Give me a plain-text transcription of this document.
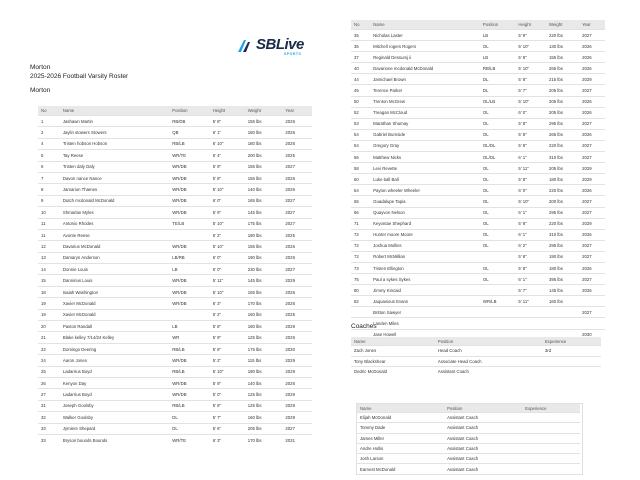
SBLive
SPORTS
Morton
2025-2026 Football Varsity Roster
Morton
No	Name	Position	Height	Weight	Year
1	Jashawn Martin	RB/DB	5' 8"	155 lbs	2026
2	Jaylin stowers Stowers	QB	6' 1"	180 lbs	2026
4	Tristen hobson Hobson	RB/LB	6' 10"	180 lbs	2026
5	Tay Reese	WR/TE	6' 4"	200 lbs	2025
6	Tristen daly Daly	WR/DB	5' 9"	155 lbs	2027
7	Davon nance Nance	WR/DB	5' 8"	155 lbs	2026
8	Jamarion Thames	WR/DB	5' 10"	140 lbs	2026
9	Dutch mcdonald McDonald	WR/DB	6' 0"	165 lbs	2027
10	Shmarlan Myles	WR/DB	5' 9"	145 lbs	2027
11	Antonio Rhodes	TE/LB	5' 10"	175 lbs	2027
11	Avonte Reese		6' 2"	180 lbs	2025
12	Davarius McDonald	WR/DB	5' 10"	155 lbs	2026
13	Damaryn Anderson	LB/RB	6' 0"	190 lbs	2026
14	Donnie Louis	LB	6' 0"	230 lbs	2027
15	Dannirius Louis	WR/DB	5' 11"	145 lbs	2029
18	Isaiah Washington	WR/DB	5' 10"	165 lbs	2026
19	Xavier McDonald	WR/DB	6' 3"	170 lbs	2026
19	Xavier McDonald		6' 2"	160 lbs	2025
20	Paxton Randall	LB	5' 8"	180 lbs	2029
21	Blake kelley 7/14/24 Kelley	WR	5' 9"	125 lbs	2026
22	Domingo Deering	RB/LB	5' 8"	175 lbs	2030
24	Aaron Jones	WR/DB	5' 2"	115 lbs	2029
25	Ladarrius Boyd	RB/LB	5' 10"	180 lbs	2029
26	Kenyon Day	WR/DB	5' 9"	140 lbs	2026
27	Ladarrius Boyd	WR/DB	5' 0"	125 lbs	2029
31	Joseph Goolsby	RB/LB	5' 8"	125 lbs	2029
32	Walker Goolsby	DL	5' 7"	160 lbs	2029
33	Jymiere Shepard	DL	5' 6"	205 lbs	2027
33	Bryson bounds Bounds	WR/TE	6' 3"	170 lbs	2031
No	Name	Position	Height	Weight	Year
35	Nicholas Laster	LB	5' 9"	220 lbs	2027
36	Mitchell rogers Rogers	OL	5' 10"	130 lbs	2026
37	Reginald Dessumj ii	LB	5' 8"	155 lbs	2026
40	Davarione mcdonald McDonald	RB/LB	5' 10"	265 lbs	2026
44	Jamichael Brown	DL	5' 8"	215 lbs	2029
45	Terence Parker	DL	5' 7"	205 lbs	2027
50	Trenton McGrew	OL/LB	5' 10"	205 lbs	2026
52	Treagan McCloud	OL	6' 0"	205 lbs	2026
53	Marathan Shumay	OL	5' 8"	295 lbs	2027
54	Gabriel Burnside	OL	5' 8"	265 lbs	2026
54	Gregory Gray	OL/DL	5' 8"	220 lbs	2027
56	Matthew Nicks	OL/DL	6' 1"	310 lbs	2027
58	Levi Revette	OL	5' 11"	205 lbs	2029
60	Luke ball Ball	OL	5' 8"	180 lbs	2029
64	Payton wheeler Wheeler	OL	6' 0"	220 lbs	2026
65	Guadalupe Tapia	OL	5' 10"	200 lbs	2027
66	Quayvon Nelson	OL	6' 1"	295 lbs	2027
71	Keyontae Shephard	OL	5' 8"	220 lbs	2029
72	Hunter moore Moore	OL	6' 1"	310 lbs	2026
72	Joshua Mollins	OL	6' 2"	295 lbs	2027
72	Robert McMillian		5' 8"	190 lbs	2027
73	Tristen Ellington	OL	5' 8"	180 lbs	2026
75	Paul a sykes Sykes	OL	6' 1"	395 lbs	2027
80	Jimmy Kincaid		5' 7"	145 lbs	2026
82	Jaquavious Evans	WR/LB	5' 11"	160 lbs	
	Britton Sawyer				2027
	Landen Miles				
	Jase Howell				2030
Coaches
Name	Position	Experience
Zach Jones	Head Coach	3rd
Tony Blackshear	Associate Head Coach	
Dedric McDonald	Assistant Coach	
Name	Position	Experience
Elijah McDonald	Assistant Coach	
Tommy Dade	Assistant Coach	
James Miller	Assistant Coach	
Andre Hollis	Assistant Coach	
Josh Larson	Assistant Coach	
Earnest McDonald	Assistant Coach	
